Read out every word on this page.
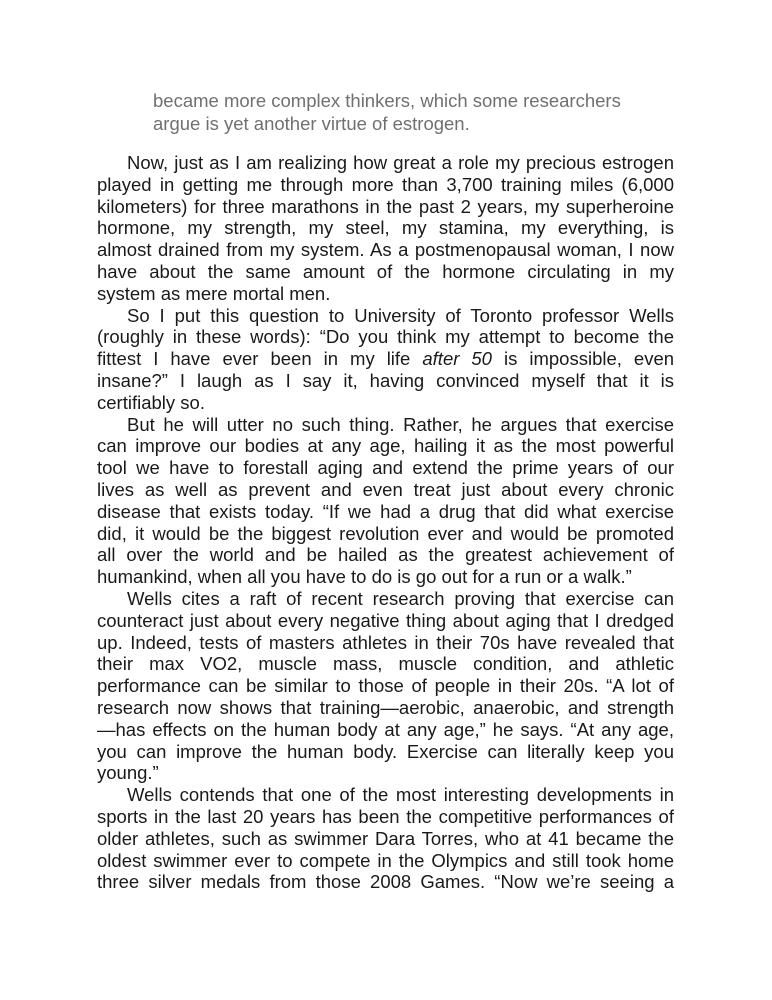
became more complex thinkers, which some researchers
argue is yet another virtue of estrogen.
Now, just as I am realizing how great a role my precious estrogen
played in getting me through more than 3,700 training miles (6,000
kilometers) for three marathons in the past 2 years, my superheroine
hormone, my strength, my steel, my stamina, my everything, is
almost drained from my system. As a postmenopausal woman, I now
have about the same amount of the hormone circulating in my
system as mere mortal men.
So I put this question to University of Toronto professor Wells
(roughly in these words): “Do you think my attempt to become the
fittest I have ever been in my life after 50 is impossible, even
insane?” I laugh as I say it, having convinced myself that it is
certifiably so.
But he will utter no such thing. Rather, he argues that exercise
can improve our bodies at any age, hailing it as the most powerful
tool we have to forestall aging and extend the prime years of our
lives as well as prevent and even treat just about every chronic
disease that exists today. “If we had a drug that did what exercise
did, it would be the biggest revolution ever and would be promoted
all over the world and be hailed as the greatest achievement of
humankind, when all you have to do is go out for a run or a walk.”
Wells cites a raft of recent research proving that exercise can
counteract just about every negative thing about aging that I dredged
up. Indeed, tests of masters athletes in their 70s have revealed that
their max VO2, muscle mass, muscle condition, and athletic
performance can be similar to those of people in their 20s. “A lot of
research now shows that training—aerobic, anaerobic, and strength
—has effects on the human body at any age,” he says. “At any age,
you can improve the human body. Exercise can literally keep you
young.”
Wells contends that one of the most interesting developments in
sports in the last 20 years has been the competitive performances of
older athletes, such as swimmer Dara Torres, who at 41 became the
oldest swimmer ever to compete in the Olympics and still took home
three silver medals from those 2008 Games. “Now we’re seeing a
